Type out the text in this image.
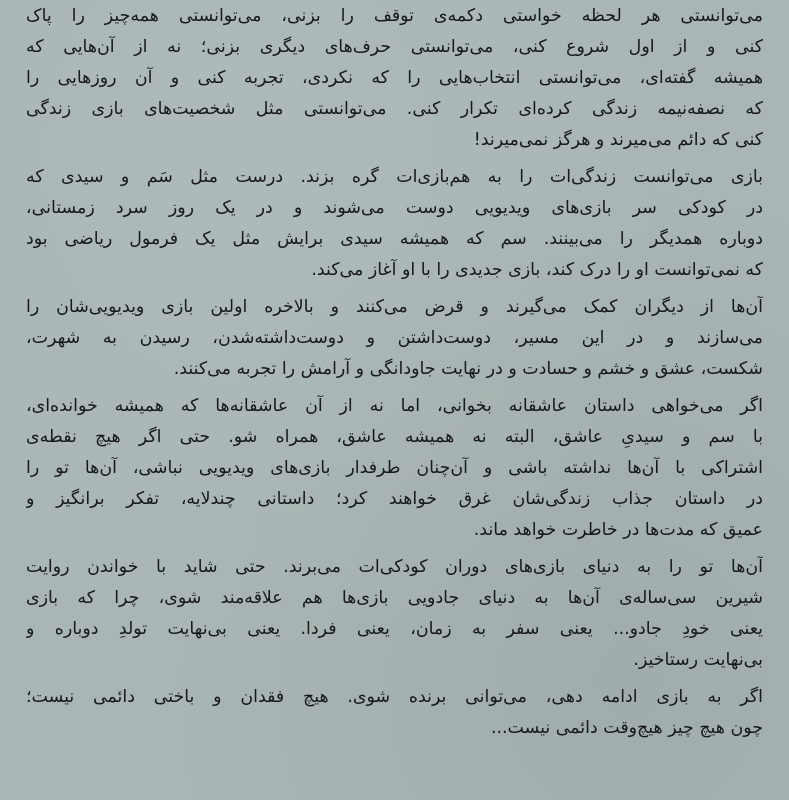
می‌توانستی هر لحظه خواستی دکمه‌ی توقف را بزنی، می‌توانستی همه‌چیز را پاک
کنی و از اول شروع کنی، می‌توانستی حرف‌های دیگری بزنی؛ نه از آن‌هایی که
همیشه گفته‌ای، می‌توانستی انتخاب‌هایی را که نکردی، تجربه کنی و آن روزهایی را
که نصفه‌نیمه زندگی کرده‌ای تکرار کنی. می‌توانستی مثل شخصیت‌های بازی زندگی
کنی که دائم می‌میرند و هرگز نمی‌میرند!
بازی می‌توانست زندگی‌ات را به هم‌بازی‌ات گره بزند. درست مثل سَم و سیدی که
در کودکی سر بازی‌های ویدیویی دوست می‌شوند و در یک روز سرد زمستانی،
دوباره همدیگر را می‌بینند. سم که همیشه سیدی برایش مثل یک فرمول ریاضی بود
که نمی‌توانست او را درک کند، بازی جدیدی را با او آغاز می‌کند.
آن‌ها از دیگران کمک می‌گیرند و قرض می‌کنند و بالاخره اولین بازی ویدیویی‌شان را
می‌سازند و در این مسیر، دوست‌داشتن و دوست‌داشته‌شدن، رسیدن به شهرت،
شکست، عشق و خشم و حسادت و در نهایت جاودانگی و آرامش را تجربه می‌کنند.
اگر می‌خواهی داستان عاشقانه بخوانی، اما نه از آن عاشقانه‌ها که همیشه خوانده‌ای،
با سم و سیدیِ عاشق، البته نه همیشه عاشق، همراه شو. حتی اگر هیچ نقطه‌ی
اشتراکی با آن‌ها نداشته باشی و آن‌چنان طرفدار بازی‌های ویدیویی نباشی، آن‌ها تو را
در داستان جذاب زندگی‌شان غرق خواهند کرد؛ داستانی چندلایه، تفکر برانگیز و
عمیق که مدت‌ها در خاطرت خواهد ماند.
آن‌ها تو را به دنیای بازی‌های دوران کودکی‌ات می‌برند. حتی شاید با خواندن روایت
شیرین سی‌ساله‌ی آن‌ها به دنیای جادویی بازی‌ها هم علاقه‌مند شوی، چرا که بازی
یعنی خودِ جادو... یعنی سفر به زمان، یعنی فردا. یعنی بی‌نهایت تولدِ دوباره و
بی‌نهایت رستاخیز.
اگر به بازی ادامه دهی، می‌توانی برنده شوی. هیچ فقدان و باختی دائمی نیست؛
چون هیچ چیز هیچ‌وقت دائمی نیست...
